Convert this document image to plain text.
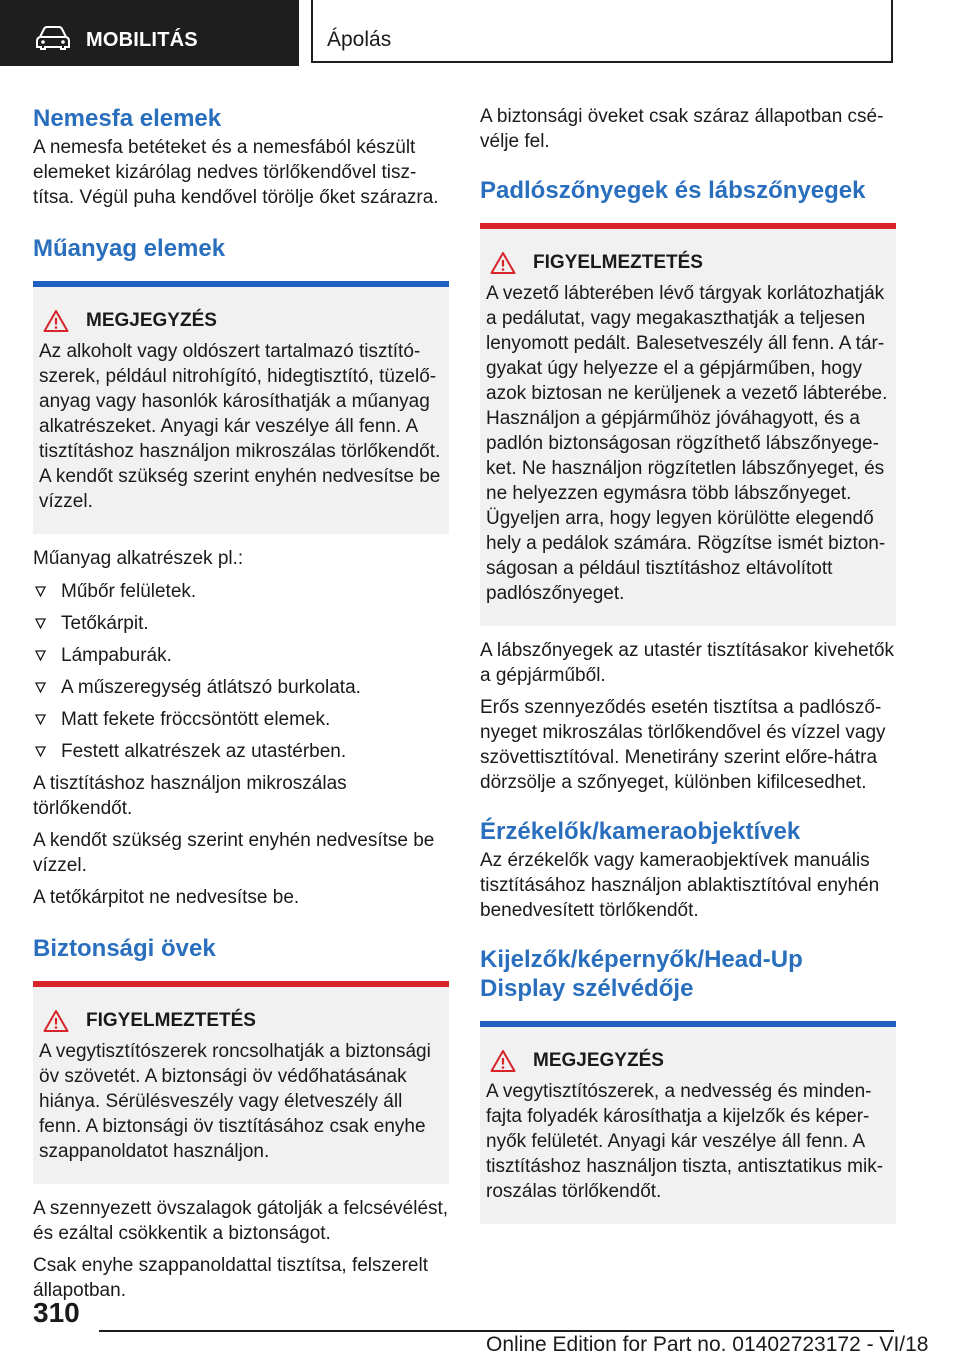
MOBILITÁS	Ápolás
Nemesfa elemek

A nemesfa betéteket és a nemesfából készült elemeket kizárólag nedves törlőkendővel tisztítsa. Végül puha kendővel törölje őket szárazra.

Műanyag elemek
MEGJEGYZÉS
Az alkoholt vagy oldószert tartalmazó tisztítószerek, például nitrohígító, hidegtisztító, tüzelőanyag vagy hasonlók károsíthatják a műanyag alkatrészeket. Anyagi kár veszélye áll fenn. A tisztításhoz használjon mikroszálas törlőkendőt. A kendőt szükség szerint enyhén nedvesítse be vízzel.

Műanyag alkatrészek pl.:

Műbőr felületek.
Tetőkárpit.
Lámpaburák.
A műszeregység átlátszó burkolata.
Matt fekete fröccsöntött elemek.
Festett alkatrészek az utastérben.

A tisztításhoz használjon mikroszálas törlőkendőt.

A kendőt szükség szerint enyhén nedvesítse be vízzel.

A tetőkárpitot ne nedvesítse be.

Biztonsági övek
FIGYELMEZTETÉS
A vegytisztítószerek roncsolhatják a biztonsági öv szövetét. A biztonsági öv védőhatásának hiánya. Sérülésveszély vagy életveszély áll fenn. A biztonsági öv tisztításához csak enyhe szappanoldatot használjon.

A szennyezett övszalagok gátolják a felcsévélést, és ezáltal csökkentik a biztonságot.

Csak enyhe szappanoldattal tisztítsa, felszerelt állapotban.

A biztonsági öveket csak száraz állapotban csévélje fel.

Padlószőnyegek és lábszőnyegek
FIGYELMEZTETÉS
A vezető lábterében lévő tárgyak korlátozhatják a pedálutat, vagy megakaszthatják a teljesen lenyomott pedált. Balesetveszély áll fenn. A tárgyakat úgy helyezze el a gépjárműben, hogy azok biztosan ne kerüljenek a vezető lábterébe. Használjon a gépjárműhöz jóváhagyott, és a padlón biztonságosan rögzíthető lábszőnyegeket. Ne használjon rögzítetlen lábszőnyeget, és ne helyezzen egymásra több lábszőnyeget. Ügyeljen arra, hogy legyen körülötte elegendő hely a pedálok számára. Rögzítse ismét biztonságosan a például tisztításhoz eltávolított padlószőnyeget.

A lábszőnyegek az utastér tisztításakor kivehetők a gépjárműből.

Erős szennyeződés esetén tisztítsa a padlószőnyeget mikroszálas törlőkendővel és vízzel vagy szövettisztítóval. Menetirány szerint előre-hátra dörzsölje a szőnyeget, különben kifilcesedhet.

Érzékelők/kameraobjektívek

Az érzékelők vagy kameraobjektívek manuális tisztításához használjon ablaktisztítóval enyhén benedvesített törlőkendőt.

Kijelzők/képernyők/Head-Up Display szélvédője
MEGJEGYZÉS
A vegytisztítószerek, a nedvesség és mindenfajta folyadék károsíthatja a kijelzők és képernyők felületét. Anyagi kár veszélye áll fenn. A tisztításhoz használjon tiszta, antisztatikus mikroszálas törlőkendőt.
310
Online Edition for Part no. 01402723172 - VI/18
